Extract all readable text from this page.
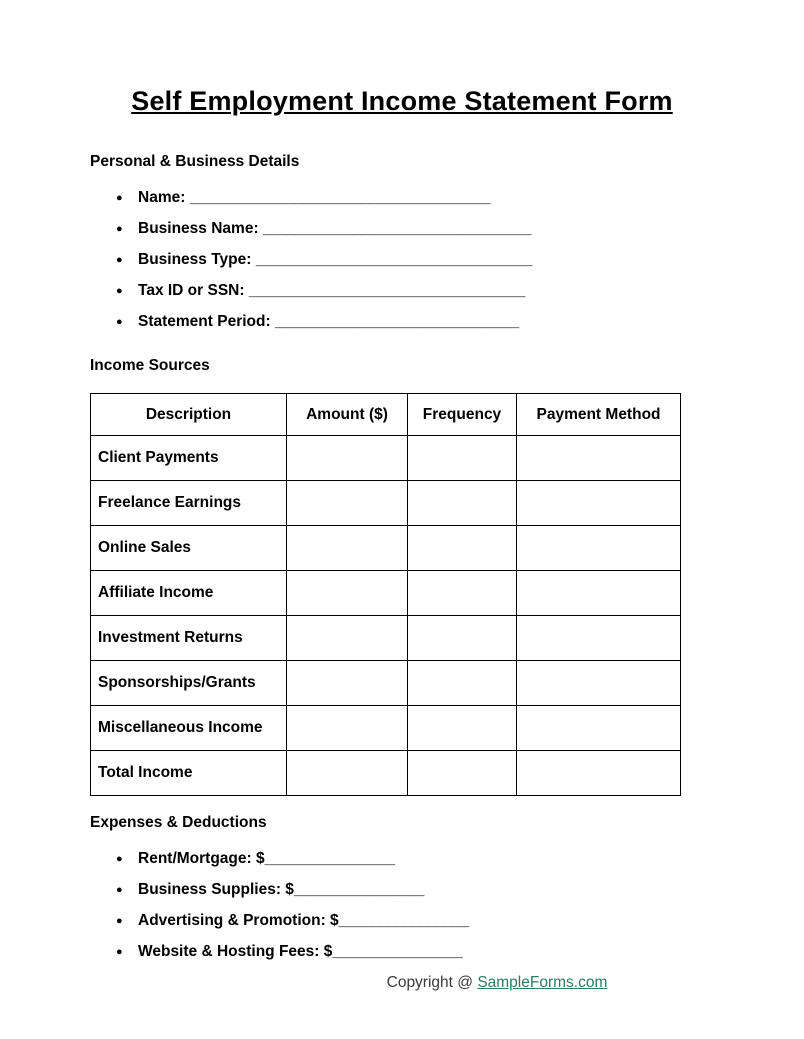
Self Employment Income Statement Form

Personal & Business Details

● Name: _____________________________________
● Business Name: _________________________________
● Business Type: __________________________________
● Tax ID or SSN: __________________________________
● Statement Period: ______________________________

Income Sources

Description	Amount ($)	Frequency	Payment Method
Client Payments			
Freelance Earnings			
Online Sales			
Affiliate Income			
Investment Returns			
Sponsorships/Grants			
Miscellaneous Income			
Total Income			

Expenses & Deductions

● Rent/Mortgage: $________________
● Business Supplies: $________________
● Advertising & Promotion: $________________
● Website & Hosting Fees: $________________
Copyright @ SampleForms.com
